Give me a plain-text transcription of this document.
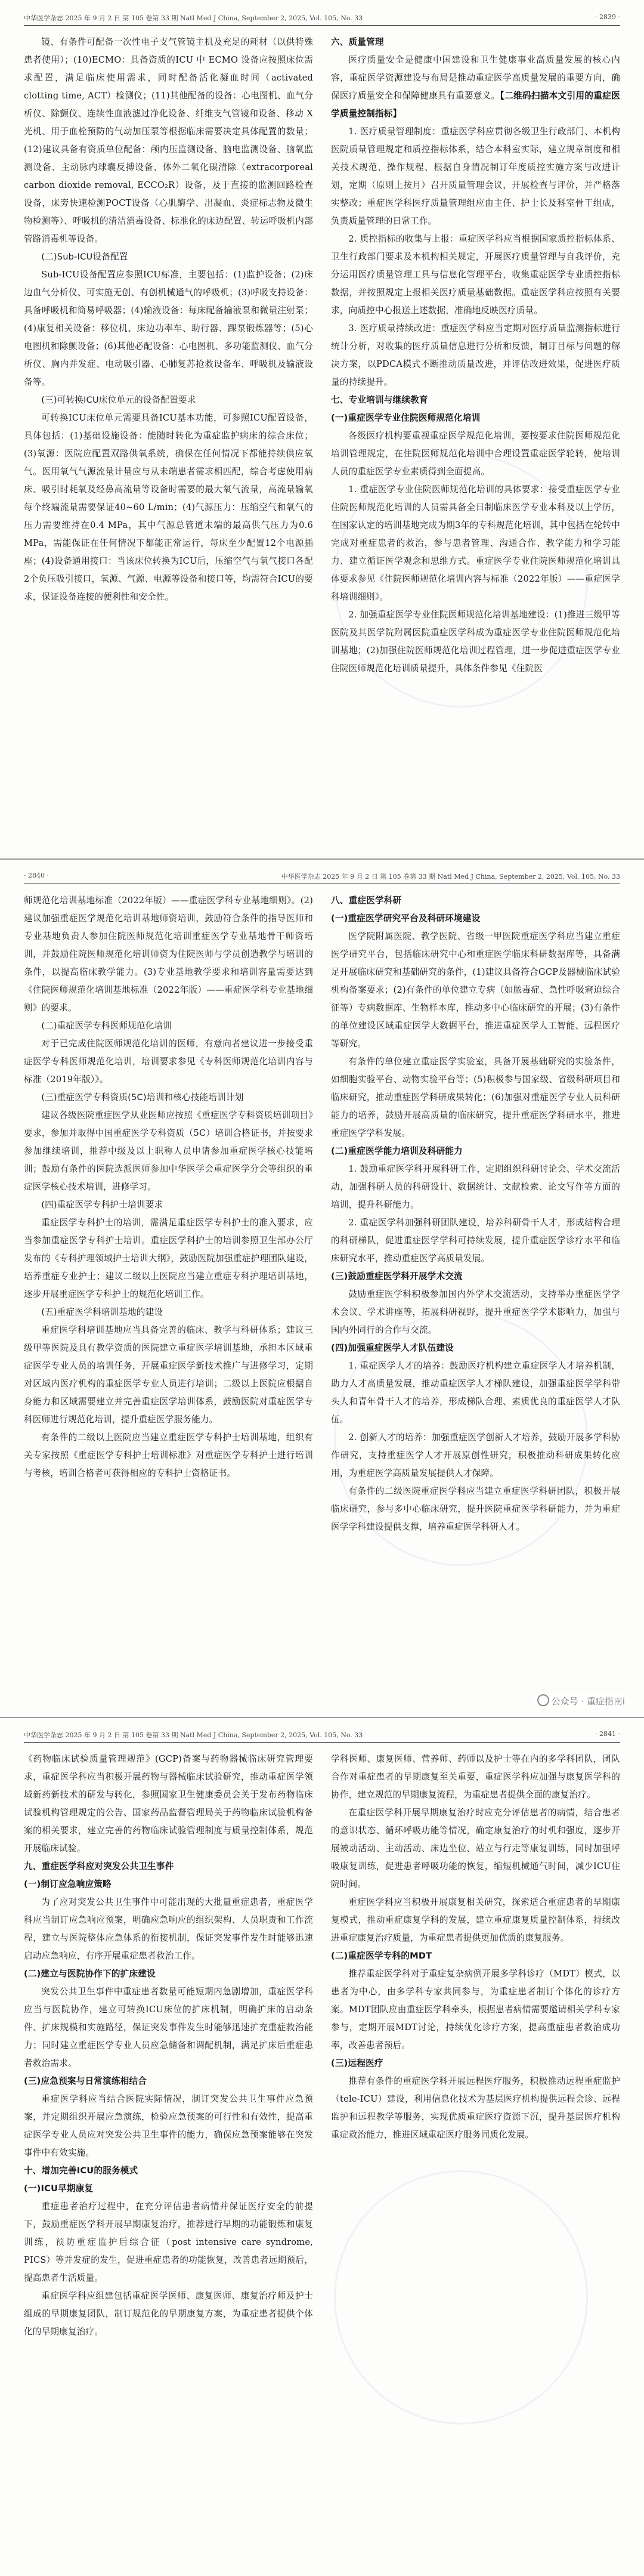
中华医学杂志 2025 年 9 月 2 日 第 105 卷第 33 期 Natl Med J China, September 2, 2025, Vol. 105, No. 33	· 2839 ·

镜、有条件可配备一次性电子支气管镜主机及充足的耗材（以供特殊患者使用）；(10)ECMO：具备资质的ICU 中 ECMO 设备应按照床位需求配置，满足临床使用需求，同时配备活化凝血时间（activated clotting time, ACT）检测仪；(11)其他配备的设备：心电图机、血气分析仪、除颤仪、连续性血液滤过净化设备、纤维支气管镜和设备、移动 X 光机、用于血栓预防的气动加压泵等根据临床需要决定具体配置的数量；(12)建议具备有资质单位配备：颅内压监测设备、脑电监测设备、脑氧监测设备、主动脉内球囊反搏设备、体外二氧化碳清除（extracorporeal carbon dioxide removal, ECCO₂R）设备，及于直接的监测回路检查设备，床旁快速检测POCT设备（心肌酶学、出凝血、炎症标志物及微生物检测等）、呼吸机的清洁消毒设备、标准化的床边配置、转运呼吸机内部管路消毒机等设备。

(二)Sub-ICU设备配置

Sub-ICU设备配置应参照ICU标准，主要包括：(1)监护设备；(2)床边血气分析仪、可实施无创、有创机械通气的呼吸机；(3)呼吸支持设备：具备呼吸机和简易呼吸器；(4)输液设备：每床配备输液泵和微量注射泵；(4)康复相关设备：移位机、床边功率车、助行器、踝泵锻炼器等；(5)心电图机和除颤设备；(6)其他必配设备：心电图机、多功能监测仪、血气分析仪、胸内并发症、电动吸引器、心肺复苏抢救设备车、呼吸机及输液设备等。

(三)可转换ICU床位单元的设备配置要求

可转换ICU床位单元需要具备ICU基本功能，可参照ICU配置设备，具体包括：(1)基础设施设备：能随时转化为重症监护病床的综合床位；(3)氧源：医院应配置双路供氧系统，确保在任何情况下都能持续供应氧气。医用氧气气源流量计量应与从未端患者需求相匹配，综合考虑使用病床、吸引时耗氧及经鼻高流量等设备时需要的最大氧气流量，高流量输氧每个终端流量需要保证40~60 L/min；(4)气源压力：压缩空气和氧气的压力需要维持在0.4 MPa，其中气源总管道末端的最高供气压力为0.6 MPa，需能保证在任何情况下都能正常运行，每床至少配置12个电源插座；(4)设备通用接口：当该床位转换为ICU后，压缩空气与氧气接口各配2个负压吸引接口，氧源、气源、电源等设备和接口等，均需符合ICU的要求，保证设备连接的便利性和安全性。

六、质量管理

医疗质量安全是健康中国建设和卫生健康事业高质量发展的核心内容，重症医学资源建设与布局是推动重症医学高质量发展的重要方向，确保医疗质量安全和保障健康具有重要意义。【二维码扫描本文引用的重症医学质量控制指标】

1. 医疗质量管理制度：重症医学科应贯彻各级卫生行政部门、本机构医院质量管理规定和质控指标体系，结合本科室实际，建立规章制度和相关技术规范、操作规程、根据自身情况制订年度质控实施方案与改进计划，定期（原则上按月）召开质量管理会议，开展检查与评价，并严格落实整改；重症医学科医疗质量管理组应由主任、护士长及科室骨干组成，负责质量管理的日常工作。

2. 质控指标的收集与上报：重症医学科应当根据国家质控指标体系、卫生行政部门要求及本机构相关规定，开展医疗质量管理与自我评价，充分运用医疗质量管理工具与信息化管理平台，收集重症医学专业质控指标数据，并按照规定上报相关医疗质量基础数据。重症医学科应按照有关要求，向质控中心报送上述数据，准确地反映医疗质量。

3. 医疗质量持续改进：重症医学科应当定期对医疗质量监测指标进行统计分析，对收集的医疗质量信息进行分析和反馈，制订目标与问题的解决方案，以PDCA模式不断推动质量改进，并评估改进效果，促进医疗质量的持续提升。

七、专业培训与继续教育

(一)重症医学专业住院医师规范化培训

各级医疗机构要重视重症医学规范化培训，要按要求住院医师规范化培训管理规定，在住院医师规范化培训中合理设置重症医学轮转，使培训人员的重症医学专业素质得到全面提高。

1. 重症医学专业住院医师规范化培训的具体要求：接受重症医学专业住院医师规范化培训的人员需具备全日制临床医学专业本科及以上学历，在国家认定的培训基地完成为期3年的专科规范化培训，其中包括在轮转中完成对重症患者的救治，参与患者管理、沟通合作、教学能力和学习能力、建立循证医学观念和思维方式。重症医学专业住院医师规范化培训具体要求参见《住院医师规范化培训内容与标准（2022年版）——重症医学科培训细则》。

2. 加强重症医学专业住院医师规范化培训基地建设：(1)推进三级甲等医院及其医学院附属医院重症医学科成为重症医学专业住院医师规范化培训基地；(2)加强住院医师规范化培训过程管理，进一步促进重症医学专业住院医师规范化培训质量提升，具体条件参见《住院医

· 2840 ·	中华医学杂志 2025 年 9 月 2 日 第 105 卷第 33 期 Natl Med J China, September 2, 2025, Vol. 105, No. 33

师规范化培训基地标准（2022年版）——重症医学科专业基地细则》。(2)建议加强重症医学规范化培训基地师资培训，鼓励符合条件的指导医师和专业基地负责人参加住院医师规范化培训重症医学专业基地骨干师资培训，并鼓励住院医师规范化培训师资为住院医师与学员创造教学与培训的条件，以提高临床教学能力。(3)专业基地教学要求和培训容量需要达到《住院医师规范化培训基地标准（2022年版）——重症医学科专业基地细则》的要求。

(二)重症医学专科医师规范化培训

对于已完成住院医师规范化培训的医师，有意向者建议进一步接受重症医学专科医师规范化培训，培训要求参见《专科医师规范化培训内容与标准（2019年版）》。

(三)重症医学专科资质(5C)培训和核心技能培训计划

建议各级医院重症医学从业医师应按照《重症医学专科资质培训项目》要求，参加并取得中国重症医学专科资质（5C）培训合格证书，并按要求参加继续培训，推荐中级及以上职称人员申请参加重症医学核心技能培训；鼓励有条件的医院选派医师参加中华医学会重症医学分会等组织的重症医学核心技术培训，进修学习。

(四)重症医学专科护士培训要求

重症医学专科护士的培训，需满足重症医学专科护士的准入要求，应当参加重症医学专科护士培训。重症医学科护士的培训参照卫生部办公厅发布的《专科护理领域护士培训大纲》，鼓励医院加强重症护理团队建设，培养重症专业护士；建议二级以上医院应当建立重症专科护理培训基地，逐步开展重症医学专科护士的规范化培训工作。

(五)重症医学科培训基地的建设

重症医学科培训基地应当具备完善的临床、教学与科研体系；建议三级甲等医院及具有教学资质的医院建立重症医学培训基地，承担本区域重症医学专业人员的培训任务，开展重症医学新技术推广与进修学习，定期对区域内医疗机构的重症医学专业人员进行培训；二级以上医院应根据自身能力和区域需要建立并完善重症医学培训体系，鼓励医院对重症医学专科医师进行规范化培训，提升重症医学服务能力。

有条件的二级以上医院应当建立重症医学专科护士培训基地，组织有关专家按照《重症医学专科护士培训标准》对重症医学专科护士进行培训与考核，培训合格者可获得相应的专科护士资格证书。

八、重症医学科研

(一)重症医学研究平台及科研环境建设

医学院附属医院、教学医院、省级一甲医院重症医学科应当建立重症医学研究平台，包括临床研究中心和重症医学临床科研数据库等，具备满足开展临床研究和基础研究的条件，(1)建议具备符合GCP及器械临床试验机构备案要求；(2)有条件的单位建立专病（如脓毒症、急性呼吸窘迫综合征等）专病数据库、生物样本库，推动多中心临床研究的开展；(3)有条件的单位建设区域重症医学大数据平台，推进重症医学人工智能、远程医疗等研究。

有条件的单位建立重症医学实验室，具备开展基础研究的实验条件，如细胞实验平台、动物实验平台等；(5)积极参与国家级、省级科研项目和临床研究，推动重症医学科研成果转化；(6)加强对重症医学专业人员科研能力的培养，鼓励开展高质量的临床研究，提升重症医学科研水平，推进重症医学学科发展。

(二)重症医学能力培训及科研能力

1. 鼓励重症医学科开展科研工作，定期组织科研讨论会、学术交流活动，加强科研人员的科研设计、数据统计、文献检索、论文写作等方面的培训，提升科研能力。

2. 重症医学科加强科研团队建设，培养科研骨干人才，形成结构合理的科研梯队，促进重症医学学科可持续发展，提升重症医学诊疗水平和临床研究水平，推动重症医学高质量发展。

(三)鼓励重症医学科开展学术交流

鼓励重症医学科积极参加国内外学术交流活动，支持举办重症医学学术会议、学术讲座等，拓展科研视野，提升重症医学学术影响力，加强与国内外同行的合作与交流。

(四)加强重症医学人才队伍建设

1. 重症医学人才的培养：鼓励医疗机构建立重症医学人才培养机制，助力人才高质量发展，推动重症医学人才梯队建设，加强重症医学学科带头人和青年骨干人才的培养，形成梯队合理、素质优良的重症医学人才队伍。

2. 创新人才的培养：加强重症医学创新人才培养，鼓励开展多学科协作研究，支持重症医学人才开展原创性研究，积极推动科研成果转化应用，为重症医学高质量发展提供人才保障。

有条件的二级医院重症医学科应当建立重症医学科研团队，积极开展临床研究，参与多中心临床研究，提升医院重症医学科研能力，并为重症医学学科建设提供支撑，培养重症医学科研人才。

中华医学杂志 2025 年 9 月 2 日 第 105 卷第 33 期 Natl Med J China, September 2, 2025, Vol. 105, No. 33	· 2841 ·

《药物临床试验质量管理规范》(GCP)备案与药物器械临床研究管理要求，重症医学科应当积极开展药物与器械临床试验研究，推动重症医学领域新药新技术的研发与转化，参照国家卫生健康委员会关于发布药物临床试验机构管理规定的公告、国家药品监督管理局关于药物临床试验机构备案的相关要求，建立完善的药物临床试验管理制度与质量控制体系，规范开展临床试验。

九、重症医学科应对突发公共卫生事件

(一)制订应急响应策略

为了应对突发公共卫生事件中可能出现的大批量重症患者，重症医学科应当制订应急响应预案，明确应急响应的组织架构、人员职责和工作流程，建立与医院整体应急体系的衔接机制，保证突发事件发生时能够迅速启动应急响应，有序开展重症患者救治工作。

(二)建立与医院协作下的扩床建设

突发公共卫生事件中重症患者数量可能短期内急剧增加，重症医学科应当与医院协作，建立可转换ICU床位的扩床机制，明确扩床的启动条件、扩床规模和实施路径，保证突发事件发生时能够迅速扩充重症救治能力；同时建立重症医学专业人员应急储备和调配机制，满足扩床后重症患者救治需求。

(三)应急预案与日常演练相结合

重症医学科应当结合医院实际情况，制订突发公共卫生事件应急预案，并定期组织开展应急演练，检验应急预案的可行性和有效性，提高重症医学专业人员应对突发公共卫生事件的能力，确保应急预案能够在突发事件中有效实施。

十、增加完善ICU的服务模式

(一)ICU早期康复

重症患者治疗过程中，在充分评估患者病情并保证医疗安全的前提下，鼓励重症医学科开展早期康复治疗，推荐进行早期的功能锻炼和康复训练，预防重症监护后综合征（post intensive care syndrome, PICS）等并发症的发生，促进重症患者的功能恢复，改善患者远期预后，提高患者生活质量。

重症医学科应组建包括重症医学医师、康复医师、康复治疗师及护士组成的早期康复团队，制订规范化的早期康复方案，为重症患者提供个体化的早期康复治疗。

学科医师、康复医师、营养师、药师以及护士等在内的多学科团队，团队合作对重症患者的早期康复至关重要，重症医学科应加强与康复医学科的协作，建立规范的早期康复流程，为重症患者提供全面的康复治疗。

在重症医学科开展早期康复治疗时应充分评估患者的病情，结合患者的意识状态、循环呼吸功能等情况，确定康复治疗的时机和强度，逐步开展被动活动、主动活动、床边坐位、站立与行走等康复训练，同时加强呼吸康复训练，促进患者呼吸功能的恢复，缩短机械通气时间，减少ICU住院时间。

重症医学科应当积极开展康复相关研究，探索适合重症患者的早期康复模式，推动重症康复学科的发展，建立重症康复质量控制体系，持续改进重症康复治疗质量，为重症患者提供更加优质的康复服务。

(二)重症医学专科的MDT

推荐重症医学科对于重症复杂病例开展多学科诊疗（MDT）模式，以患者为中心，由多学科专家共同参与，为重症患者制订个体化的诊疗方案。MDT团队应由重症医学科牵头，根据患者病情需要邀请相关学科专家参与，定期开展MDT讨论，持续优化诊疗方案，提高重症患者救治成功率，改善患者预后。

(三)远程医疗

推荐有条件的重症医学科开展远程医疗服务，积极推动远程重症监护（tele-ICU）建设，利用信息化技术为基层医疗机构提供远程会诊、远程监护和远程教学等服务，实现优质重症医疗资源下沉，提升基层医疗机构重症救治能力，推进区域重症医疗服务同质化发展。

公众号 · 重症指南i
